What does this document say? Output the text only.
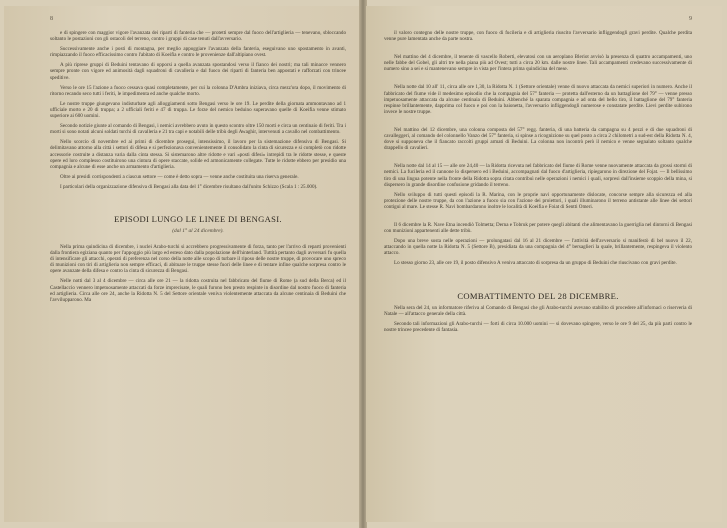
8

e di spingere con maggior vigore l'avanzata dei riparti di fanteria che — protetti sempre dal fuoco dell'artiglieria — tenevano, sbloccando soltanto le postazioni con gli ostacoli del terreno, contro i gruppi di case tenuti dall'avversario.

Successivamente anche i posti di montagna, per meglio appoggiare l'avanzata della fanteria, eseguivano uno spostamento in avanti, rimpiazzando il fuoco efficacissimo contro l'abitato di Koeifia e contro le provenienze dall'altipiano ovest.

A più riprese gruppi di Beduini tentavano di opporsi a quella avanzata spostandosi verso il fianco dei nostri; ma tali minacce vennero sempre pronte con vigore ed animosità dagli squadroni di cavalleria e dal fuoco dei riparti di fanteria ben appostati e rafforzati con trincee speditive.

Verso le ore 15 l'azione a fuoco cessava quasi completamente, per cui la colonna D'Ambra iniziava, circa mezz'ora dopo, il movimento di ritorno recando seco tutti i feriti, le impedimenta ed anche qualche morto.

Le nostre truppe giungevano indisturbate agli alloggiamenti sotto Bengasi verso le ore 19. Le perdite della giornata ammontavano ad 1 ufficiale morto e 20 di truppa; a 2 ufficiali feriti e 47 di truppa. Le forze del nemico beduino superavano quelle di Koeifia venne stimato superiore ai 600 uomini.

Secondo notizie giunte al comando di Bengasi, i nemici avrebbero avuto in questo scontro oltre 150 morti e circa un centinaio di feriti. Tra i morti si sono notati alcuni soldati turchi di cavalleria e 21 tra capi e notabili delle tribù degli Awaghir, intervenuti a cavallo nel combattimento.

Nello scorcio di novembre ed ai primi di dicembre proseguì, intensissimo, il lavoro per la sistemazione difensiva di Bengasi. Si delimitavano attorno alla città i settori di difesa e si perfezionava convenientemente il consolidato la cinta di sicurezza e si completò con ridotte accessorie costruite a distanza varia dalla cinta stessa. Si sistemarono altre ridotte e vari «posti difesi» intrepidi tra le ridotte stesse, e queste opere ed loro complesso costituirono una cintura di opere staccate, solide ed armonicamente collegate. Tutte le ridotte ebbero per presidio una compagnia e alcune di esse anche un armamento d'artiglieria.

Oltre ai presidi corrispondenti a ciascun settore — come è detto sopra — venne anche costituita una riserva generale.

I particolari della organizzazione difensiva di Bengasi alla data del 1° dicembre risultano dall'unito Schizzo (Scala 1 : 25.000).

EPISODI LUNGO LE LINEE DI BENGASI.
(dal 1° al 24 dicembre).

Nella prima quindicina di dicembre, i nuclei Arabo-turchi si accrebbero progressivamente di forza, tanto per l'arrivo di reparti provenienti dalla frontiera egiziana quanto per l'appoggio più largo ed esteso dato dalla popolazione dell'hinterland. Tuttità pertanto dagli avversari fu quella di intensificare gli attacchi, operati di preferenza nel corso della notte alle scopo di turbare il riposo delle nostre truppe, di provocare uno spreco di munizioni con tiri di artiglieria non sempre efficaci, di abituare le truppe stesse fuori delle linee e di tentare infine qualche sorpresa contro le opere avanzate della difesa e contro la cinta di sicurezza di Bengasi.

Nelle notti dal 3 al 4 dicembre — circa alle ore 21 — la ridotta costruita nel fabbricato del fiume di Rome (a sud della Berca) ed il Castellaccio vennero impetuosamente attaccati da forze imprecisate, le quali furono ben presto respinte in disordine dal nostro fuoco di fanteria ed artiglieria. Circa alle ore 24, anche la Ridotta N. 5 del Settore orientale veniva violentemente attaccata da alcune centinaia di Beduini che l'avvilupparono. Ma

9

il valoro contegno delle nostre truppe, con fuoco di fucileria e di artiglieria riuscito l'avversario infliggendogli gravi perdite. Qualche perdita venne pure lamentata anche da parte nostra.

Nel mattino del 4 dicembre, il tenente di vascello Roberti, elevatosi con un aeroplano Bleriot avvisò la presenza di quattro accampamenti, uno nelle fabbe del Gobel, gli altri tre nella piana più ad Ovest; tutti a circa 20 km. dalle nostre linee. Tali accampamenti credevano successivamente di numero sino a sei e si mantenevano sempre in vista per l'intera prima quindicina del mese.

Nella notte dal 10 all' 11, circa alle ore 1,30, la Ridotta N. 1 (Settore orientale) venne di nuovo attaccata da nemici superiori in numero. Anche il fabbricato del fiume vide il medesimo episodio che la compagnia del 57° fanteria — protetta dall'esterno da un battaglione del 79° — venne presso impetuosamente attaccata da alcune centinaia di Beduini. Abbenché la sparata compagnia e ad onta del bello tiro, il battaglione del 79° fanteria respinse brillantemente, dapprima col fuoco e poi con la baionetta, l'avversario infliggendogli numerose e constatate perdite. Lievi perdite subirono invece le nostre truppe.

Nel mattino del 12 dicembre, una colonna composta del 57° regg. fanteria, di una batteria da campagna su 4 pezzi e di due squadroni di cavalleggeri, al comando del colonnello Vanzo del 57° fanteria, si spinse a ricognizione su quel posto a circa 2 chilometri a sud-est della Ridotta N. 4, dove si supponeva che il fiancato raccolti gruppi armati di Beduini. La colonna non incontrò però il nemico e venne segnalato soltanto qualche drappello di cavalieri.

Nella notte dal 14 al 15 — alle ore 24,40 — la Ridotta ricevuta nel fabbricato del fiume di Rome venne nuovamente attaccata da grossi stormi di nemici. La fucileria ed il cannone lo dispersero ed i Beduini, accompagnati dal fuoco d'artiglieria, ripiegarono in direzione del Fojat. — Il bellissimo tiro di una lingua potente nella fronte della Ridotta sopra citata contribuì nelle operazioni i nemici i quali, sorpresi dall'insieme scoppio della mina, si dispersero in grande disordine confusione gridando il terreno.

Nello sviluppo di tutti questi episodi la R. Marina, con le proprie navi opportunamente dislocate, concorse sempre alla sicurezza ed alla protezione delle nostre truppe, da con l'azione a fuoco sia con l'azione dei proiettori, i quali illuminarono il terreno antistante alle linee dei settori contigui al mare. Le stesse R. Navi bombardarono inoltre le località di Koeifia e Foiat di Sentti Omeri.

Il 6 dicembre la R. Nave Etna incendiò Tolmetta; Derna e Tobruk per potere quegli abitanti che alimentavano la guerriglia nel dintorni di Bengasi con munizioni appartenenti alle dette tribù.

Dopo una breve sosta nelle operazioni — prolungatasi dal 16 al 21 dicembre — l'attività dell'avversario si manifestò di bel nuovo il 22, attaccando in quella notte la Ridotta N. 5 (Settore B), presidiata da una compagnia del 4° bersaglieri la quale, brillantemente, respingeva il violento attacco.

Lo stesso giorno 23, alle ore 19, il posto difensivo A veniva attaccato di sorpresa da un gruppo di Beduini che riuscivano con gravi perdite.

COMBATTIMENTO DEL 28 DICEMBRE.

Nella sera del 24, un informatore riferiva al Comando di Bengasi che gli Arabo-turchi avevano stabilito di procedere all'infornaci o riserveria di Natale — all'attacco generale della città.

Secondo tali informazioni gli Arabo-turchi — forti di circa 10.000 uomini — si dovevano spingere, verso le ore 9 del 25, da più parti contro le nostre trincee precedente di fantasia.
